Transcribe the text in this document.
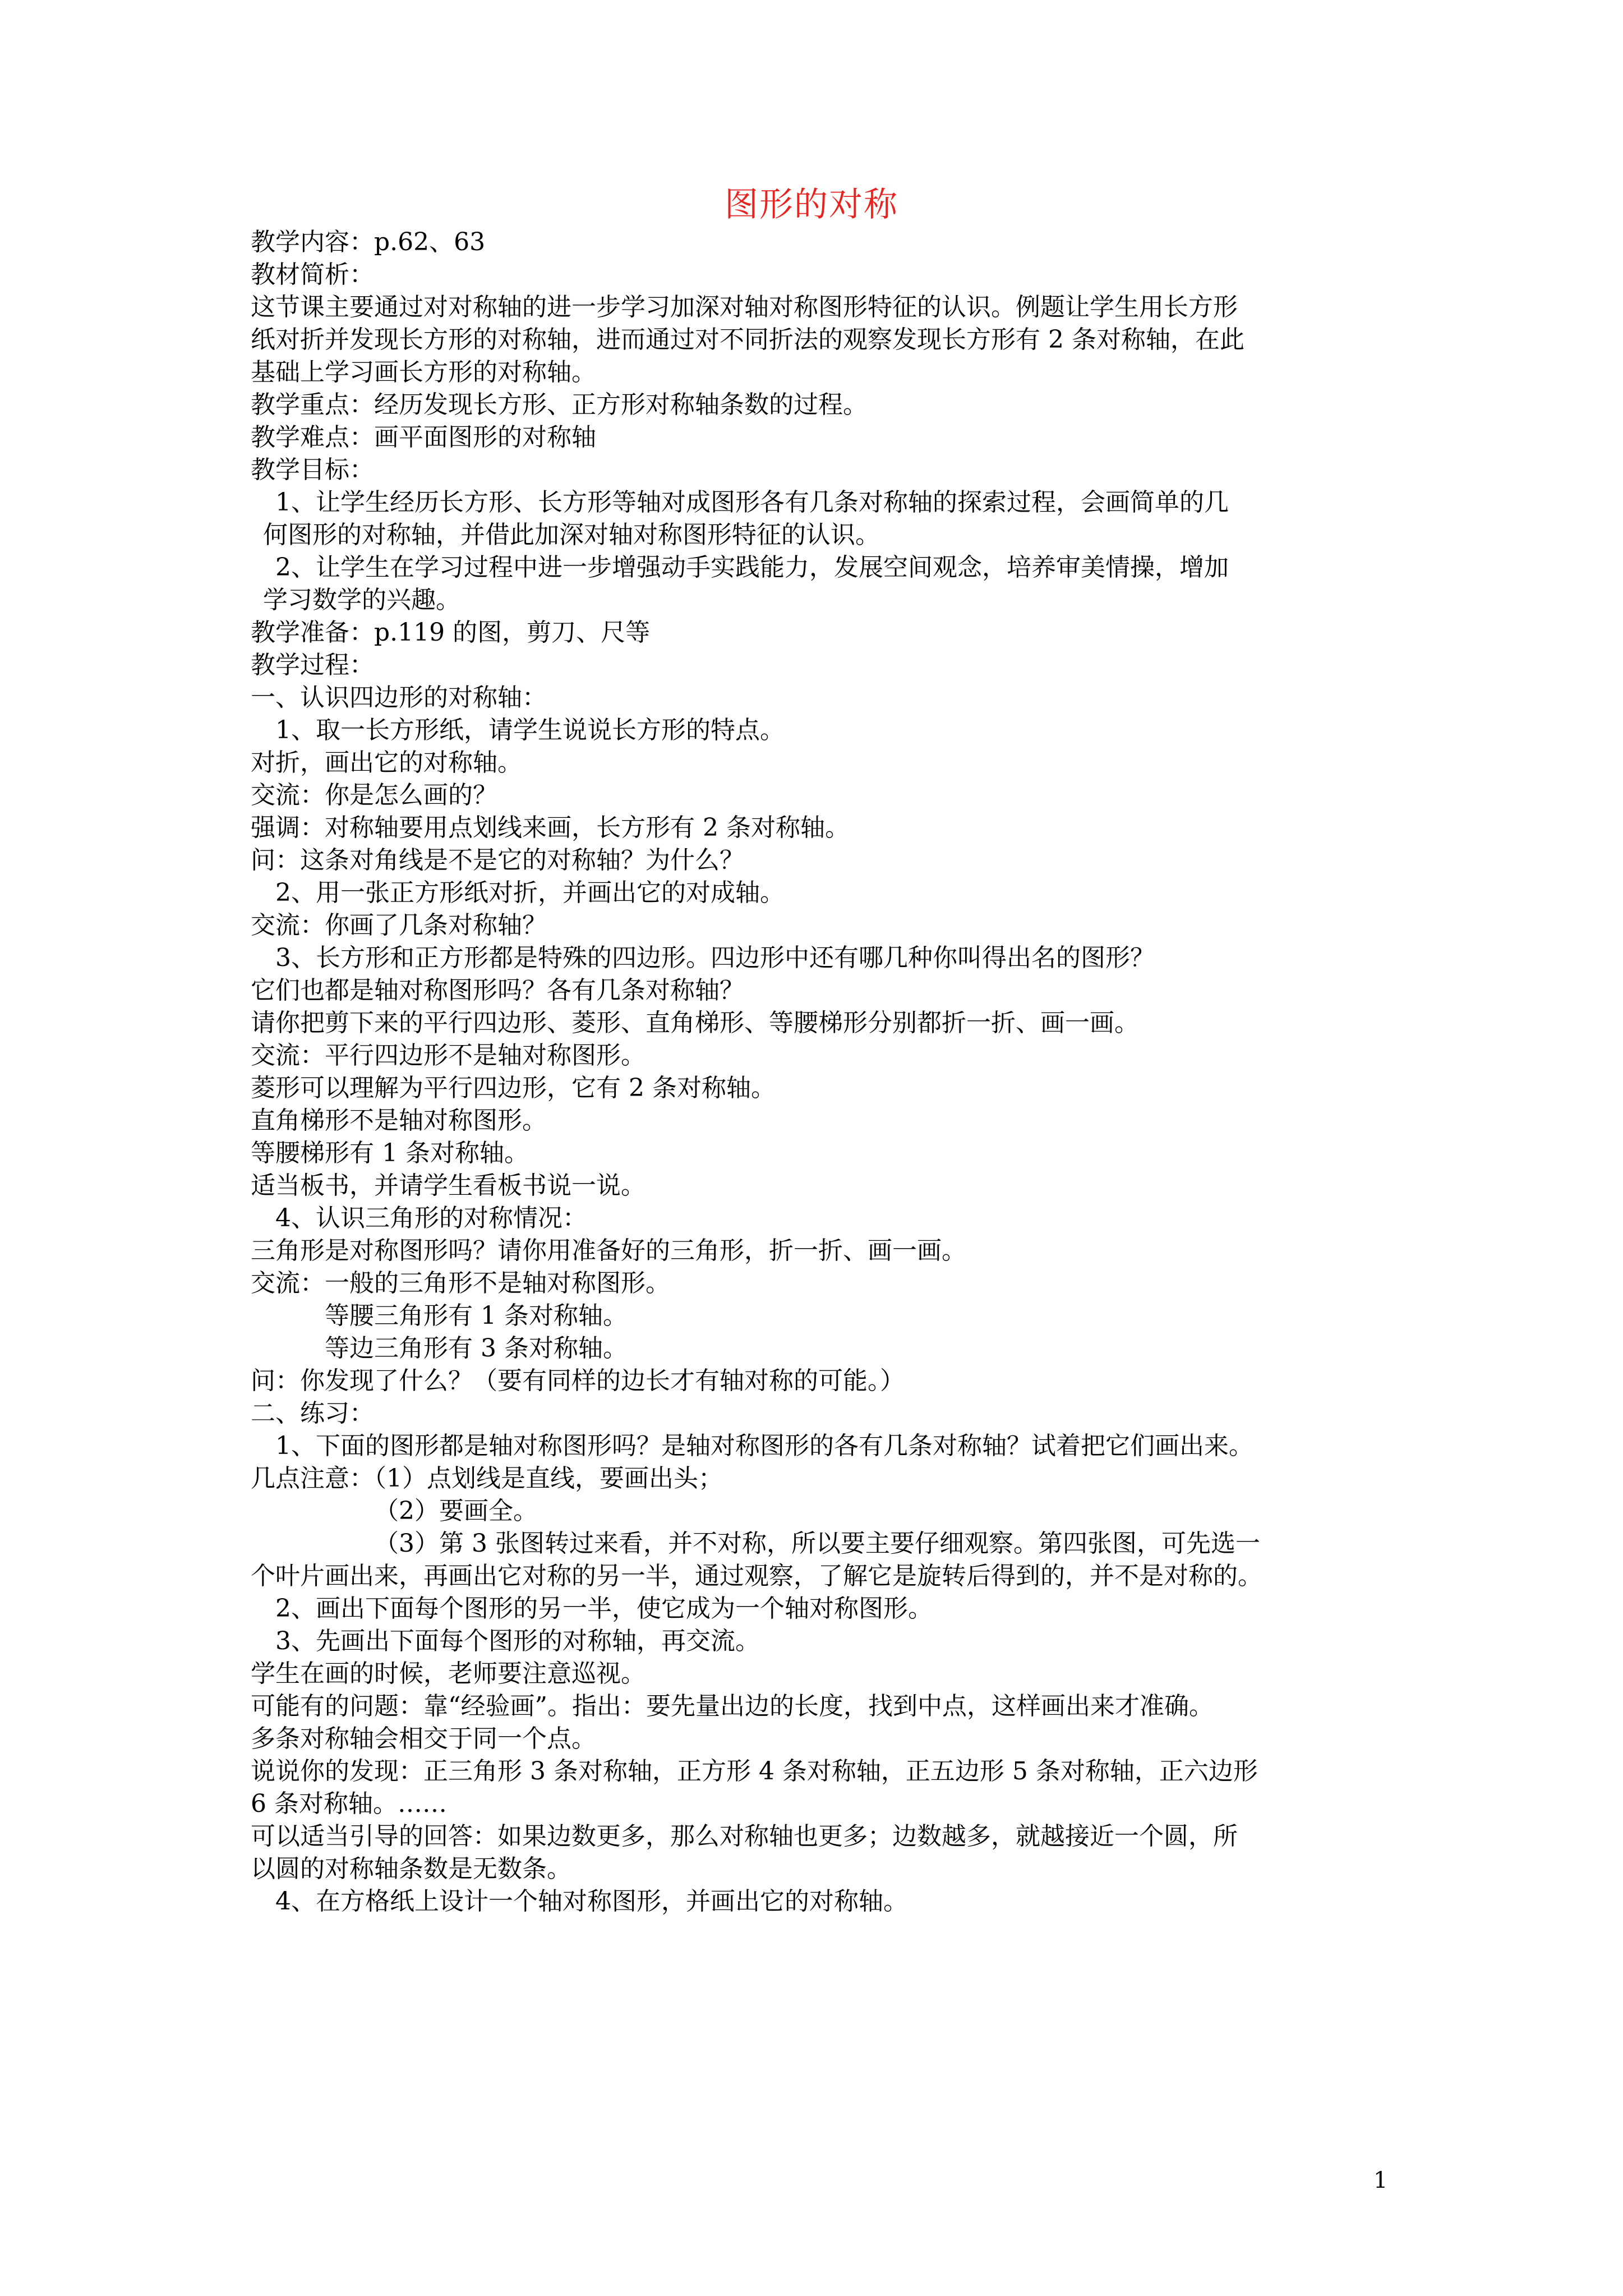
图形的对称
教学内容：p.62、63
教材简析：
这节课主要通过对对称轴的进一步学习加深对轴对称图形特征的认识。例题让学生用长方形
纸对折并发现长方形的对称轴，进而通过对不同折法的观察发现长方形有 2 条对称轴，在此
基础上学习画长方形的对称轴。
教学重点：经历发现长方形、正方形对称轴条数的过程。
教学难点：画平面图形的对称轴
教学目标：
1、让学生经历长方形、长方形等轴对成图形各有几条对称轴的探索过程，会画简单的几
何图形的对称轴，并借此加深对轴对称图形特征的认识。
2、让学生在学习过程中进一步增强动手实践能力，发展空间观念，培养审美情操，增加
学习数学的兴趣。
教学准备：p.119 的图，剪刀、尺等
教学过程：
一、认识四边形的对称轴：
1、取一长方形纸，请学生说说长方形的特点。
对折，画出它的对称轴。
交流：你是怎么画的？
强调：对称轴要用点划线来画，长方形有 2 条对称轴。
问：这条对角线是不是它的对称轴？为什么？
2、用一张正方形纸对折，并画出它的对成轴。
交流：你画了几条对称轴？
3、长方形和正方形都是特殊的四边形。四边形中还有哪几种你叫得出名的图形？
它们也都是轴对称图形吗？各有几条对称轴？
请你把剪下来的平行四边形、菱形、直角梯形、等腰梯形分别都折一折、画一画。
交流：平行四边形不是轴对称图形。
菱形可以理解为平行四边形，它有 2 条对称轴。
直角梯形不是轴对称图形。
等腰梯形有 1 条对称轴。
适当板书，并请学生看板书说一说。
4、认识三角形的对称情况：
三角形是对称图形吗？请你用准备好的三角形，折一折、画一画。
交流：一般的三角形不是轴对称图形。
等腰三角形有 1 条对称轴。
等边三角形有 3 条对称轴。
问：你发现了什么？（要有同样的边长才有轴对称的可能。）
二、练习：
1、下面的图形都是轴对称图形吗？是轴对称图形的各有几条对称轴？试着把它们画出来。
几点注意：（1）点划线是直线，要画出头；
（2）要画全。
（3）第 3 张图转过来看，并不对称，所以要主要仔细观察。第四张图，可先选一
个叶片画出来，再画出它对称的另一半，通过观察，了解它是旋转后得到的，并不是对称的。
2、画出下面每个图形的另一半，使它成为一个轴对称图形。
3、先画出下面每个图形的对称轴，再交流。
学生在画的时候，老师要注意巡视。
可能有的问题：靠“经验画”。指出：要先量出边的长度，找到中点，这样画出来才准确。
多条对称轴会相交于同一个点。
说说你的发现：正三角形 3 条对称轴，正方形 4 条对称轴，正五边形 5 条对称轴，正六边形
6 条对称轴。……
可以适当引导的回答：如果边数更多，那么对称轴也更多；边数越多，就越接近一个圆，所
以圆的对称轴条数是无数条。
4、在方格纸上设计一个轴对称图形，并画出它的对称轴。
1
